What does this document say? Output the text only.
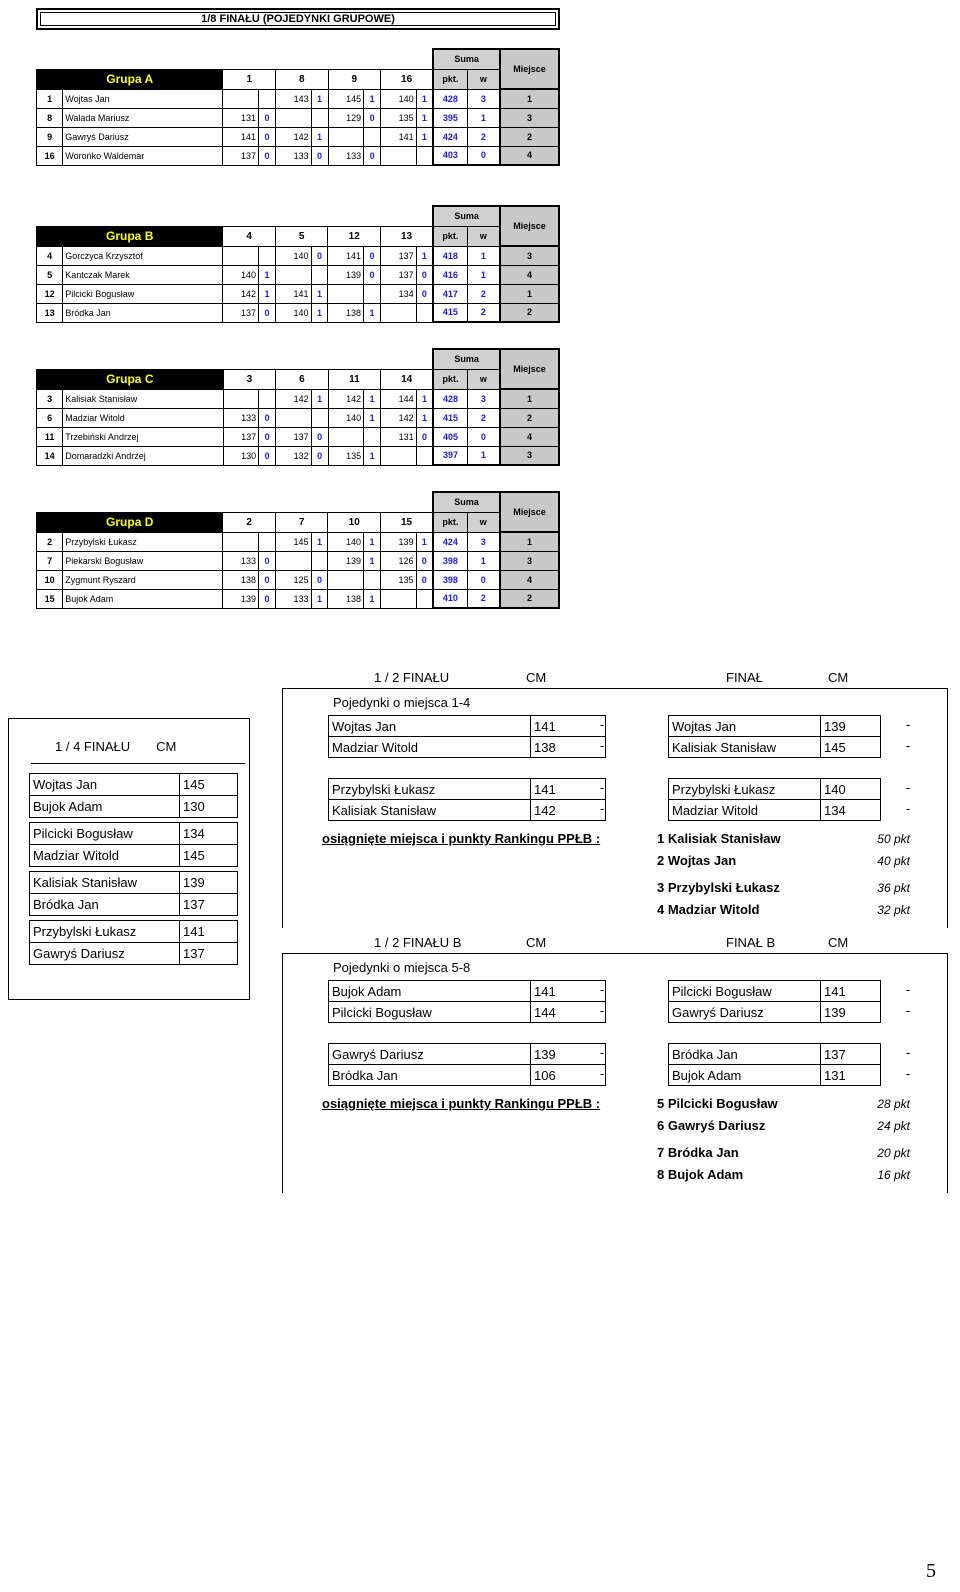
1/8 FINAŁU (POJEDYNKI GRUPOWE)
										Suma		Miejsce
Grupa A		1		8		9		16		pkt.	w	
1	Wojtas Jan			143	1	145	1	140	1	428	3	1
8	Walada Mariusz	131	0			129	0	135	1	395	1	3
9	Gawryś Dariusz	141	0	142	1			141	1	424	2	2
16	Worońko Waldemar	137	0	133	0	133	0			403	0	4
										Suma		Miejsce
Grupa B		4		5		12		13		pkt.	w	
4	Gorczyca Krzysztof			140	0	141	0	137	1	418	1	3
5	Kantczak Marek	140	1			139	0	137	0	416	1	4
12	Pilcicki Bogusław	142	1	141	1			134	0	417	2	1
13	Bródka Jan	137	0	140	1	138	1			415	2	2
										Suma		Miejsce
Grupa C		3		6		11		14		pkt.	w	
3	Kalisiak Stanisław			142	1	142	1	144	1	428	3	1
6	Madziar Witold	133	0			140	1	142	1	415	2	2
11	Trzebiński Andrzej	137	0	137	0			131	0	405	0	4
14	Domaradzki Andrzej	130	0	132	0	135	1			397	1	3
										Suma		Miejsce
Grupa D		2		7		10		15		pkt.	w	
2	Przybylski Łukasz			145	1	140	1	139	1	424	3	1
7	Piekarski Bogusław	133	0			139	1	126	0	398	1	3
10	Zygmunt Ryszard	138	0	125	0			135	0	398	0	4
15	Bujok Adam	139	0	133	1	138	1			410	2	2
1 / 4 FINAŁU CM
Wojtas Jan	145
Bujok Adam	130
Pilcicki Bogusław	134
Madziar Witold	145
Kalisiak Stanisław	139
Bródka Jan	137
Przybylski Łukasz	141
Gawryś Dariusz	137
1 / 2 FINAŁU	CM	FINAŁ	CM
Pojedynki o miejsca 1-4
Wojtas Jan	141
Madziar Witold	138
-
-
Przybylski Łukasz	141
Kalisiak Stanisław	142
-
-
Wojtas Jan	139
Kalisiak Stanisław	145
-
-
Przybylski Łukasz	140
Madziar Witold	134
-
-
osiągnięte miejsca i punkty Rankingu PPŁB :	1 Kalisiak Stanisław	50 pkt
2 Wojtas Jan	40 pkt
3 Przybylski Łukasz	36 pkt
4 Madziar Witold	32 pkt
1 / 2 FINAŁU B	CM	FINAŁ B	CM
Pojedynki o miejsca 5-8
Bujok Adam	141
Pilcicki Bogusław	144
-
-
Gawryś Dariusz	139
Bródka Jan	106
-
-
Pilcicki Bogusław	141
Gawryś Dariusz	139
-
-
Bródka Jan	137
Bujok Adam	131
-
-
osiągnięte miejsca i punkty Rankingu PPŁB :	5 Pilcicki Bogusław	28 pkt
6 Gawryś Dariusz	24 pkt
7 Bródka Jan	20 pkt
8 Bujok Adam	16 pkt
5
